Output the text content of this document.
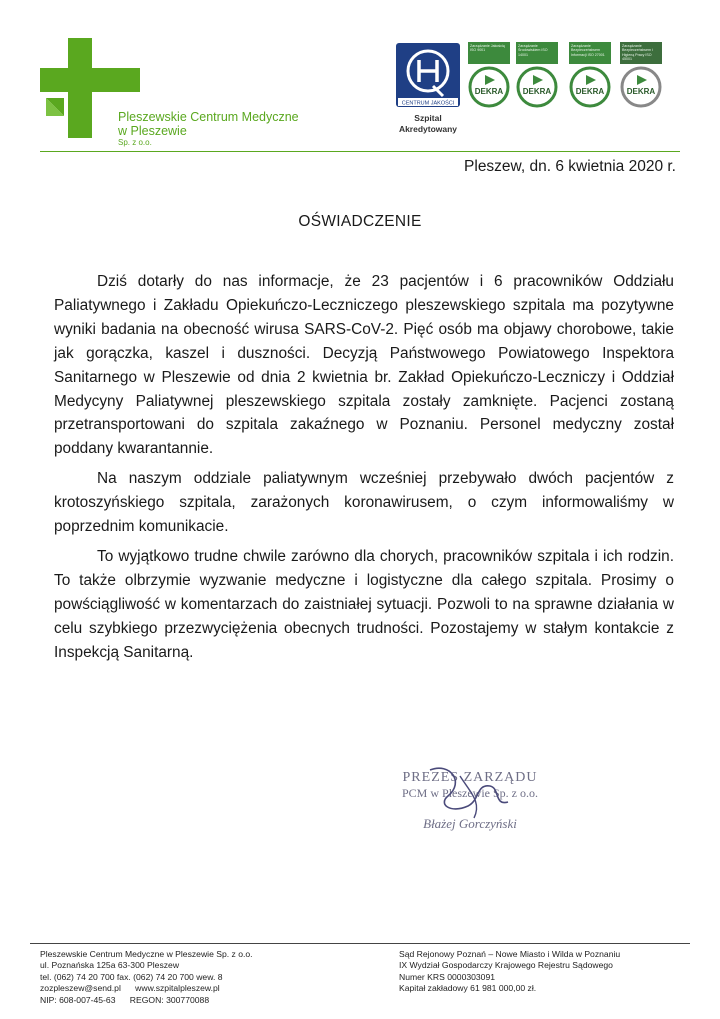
Pleszewskie Centrum Medyczne
w Pleszewie
Sp. z o.o.
CENTRUM JAKOŚCI
Szpital
Akredytowany
Zarządzanie Jakością ISO 9001
DEKRA
Zarządzanie Środowiskiem ISO 14001
DEKRA
Zarządzanie Bezpieczeństwem Informacji ISO 27001
DEKRA
Zarządzanie Bezpieczeństwem i Higieną Pracy ISO 45001
DEKRA
Pleszew, dn. 6 kwietnia 2020 r.
OŚWIADCZENIE

Dziś dotarły do nas informacje, że 23 pacjentów i 6 pracowników Oddziału Paliatywnego i Zakładu Opiekuńczo-Leczniczego pleszewskiego szpitala ma pozytywne wyniki badania na obecność wirusa SARS-CoV-2. Pięć osób ma objawy chorobowe, takie jak gorączka, kaszel i duszności. Decyzją Państwowego Powiatowego Inspektora Sanitarnego w Pleszewie od dnia 2 kwietnia br. Zakład Opiekuńczo-Leczniczy i Oddział Medycyny Paliatywnej pleszewskiego szpitala zostały zamknięte. Pacjenci zostaną przetransportowani do szpitala zakaźnego w Poznaniu. Personel medyczny został poddany kwarantannie.

Na naszym oddziale paliatywnym wcześniej przebywało dwóch pacjentów z krotoszyńskiego szpitala, zarażonych koronawirusem, o czym informowaliśmy w poprzednim komunikacie.

To wyjątkowo trudne chwile zarówno dla chorych, pracowników szpitala i ich rodzin. To także olbrzymie wyzwanie medyczne i logistyczne dla całego szpitala. Prosimy o powściągliwość w komentarzach do zaistniałej sytuacji. Pozwoli to na sprawne działania w celu szybkiego przezwyciężenia obecnych trudności. Pozostajemy w stałym kontakcie z Inspekcją Sanitarną.

PREZES ZARZĄDU
PCM w Pleszewie Sp. z o.o.
Błażej Gorczyński
Pleszewskie Centrum Medyczne w Pleszewie Sp. z o.o.
ul. Poznańska 125a 63-300 Pleszew
tel. (062) 74 20 700 fax. (062) 74 20 700 wew. 8
zozpleszew@send.pl      www.szpitalpleszew.pl
NIP: 608-007-45-63      REGON: 300770088
Sąd Rejonowy Poznań – Nowe Miasto i Wilda w Poznaniu
IX Wydział Gospodarczy Krajowego Rejestru Sądowego
Numer KRS 0000303091
Kapitał zakładowy 61 981 000,00 zł.
